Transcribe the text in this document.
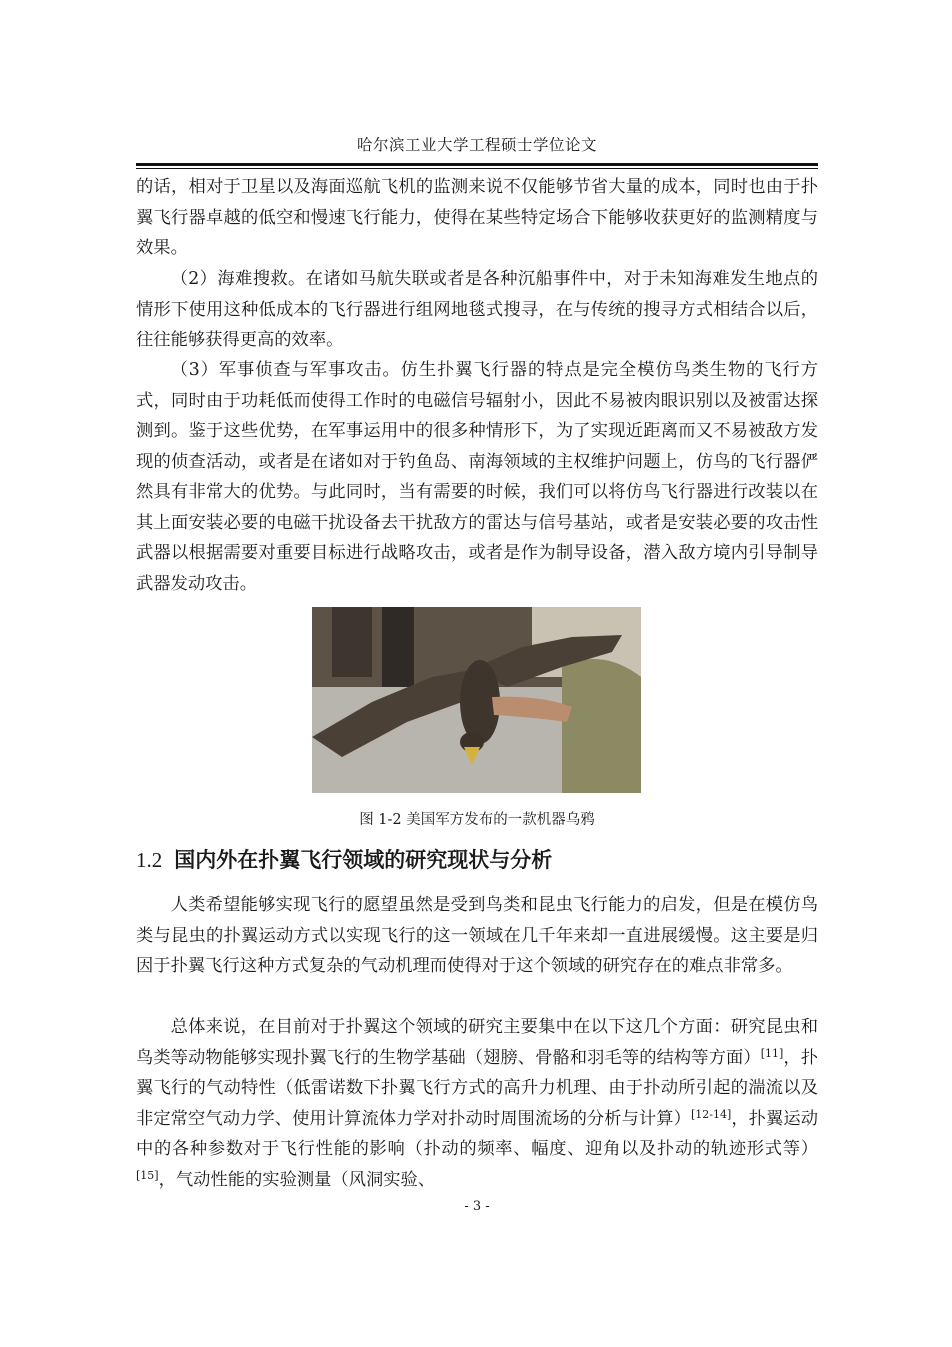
哈尔滨工业大学工程硕士学位论文

的话，相对于卫星以及海面巡航飞机的监测来说不仅能够节省大量的成本，同时也由于扑翼飞行器卓越的低空和慢速飞行能力，使得在某些特定场合下能够收获更好的监测精度与效果。

（2）海难搜救。在诸如马航失联或者是各种沉船事件中，对于未知海难发生地点的情形下使用这种低成本的飞行器进行组网地毯式搜寻，在与传统的搜寻方式相结合以后，往往能够获得更高的效率。

（3）军事侦查与军事攻击。仿生扑翼飞行器的特点是完全模仿鸟类生物的飞行方式，同时由于功耗低而使得工作时的电磁信号辐射小，因此不易被肉眼识别以及被雷达探测到。鉴于这些优势，在军事运用中的很多种情形下，为了实现近距离而又不易被敌方发现的侦查活动，或者是在诸如对于钓鱼岛、南海领域的主权维护问题上，仿鸟的飞行器俨然具有非常大的优势。与此同时，当有需要的时候，我们可以将仿鸟飞行器进行改装以在其上面安装必要的电磁干扰设备去干扰敌方的雷达与信号基站，或者是安装必要的攻击性武器以根据需要对重要目标进行战略攻击，或者是作为制导设备，潜入敌方境内引导制导武器发动攻击。

图 1-2 美国军方发布的一款机器乌鸦
1.2 国内外在扑翼飞行领域的研究现状与分析

人类希望能够实现飞行的愿望虽然是受到鸟类和昆虫飞行能力的启发，但是在模仿鸟类与昆虫的扑翼运动方式以实现飞行的这一领域在几千年来却一直进展缓慢。这主要是归因于扑翼飞行这种方式复杂的气动机理而使得对于这个领域的研究存在的难点非常多。

总体来说，在目前对于扑翼这个领域的研究主要集中在以下这几个方面：研究昆虫和鸟类等动物能够实现扑翼飞行的生物学基础（翅膀、骨骼和羽毛等的结构等方面）[11]，扑翼飞行的气动特性（低雷诺数下扑翼飞行方式的高升力机理、由于扑动所引起的湍流以及非定常空气动力学、使用计算流体力学对扑动时周围流场的分析与计算）[12-14]，扑翼运动中的各种参数对于飞行性能的影响（扑动的频率、幅度、迎角以及扑动的轨迹形式等）[15]，气动性能的实验测量（风洞实验、

- 3 -
